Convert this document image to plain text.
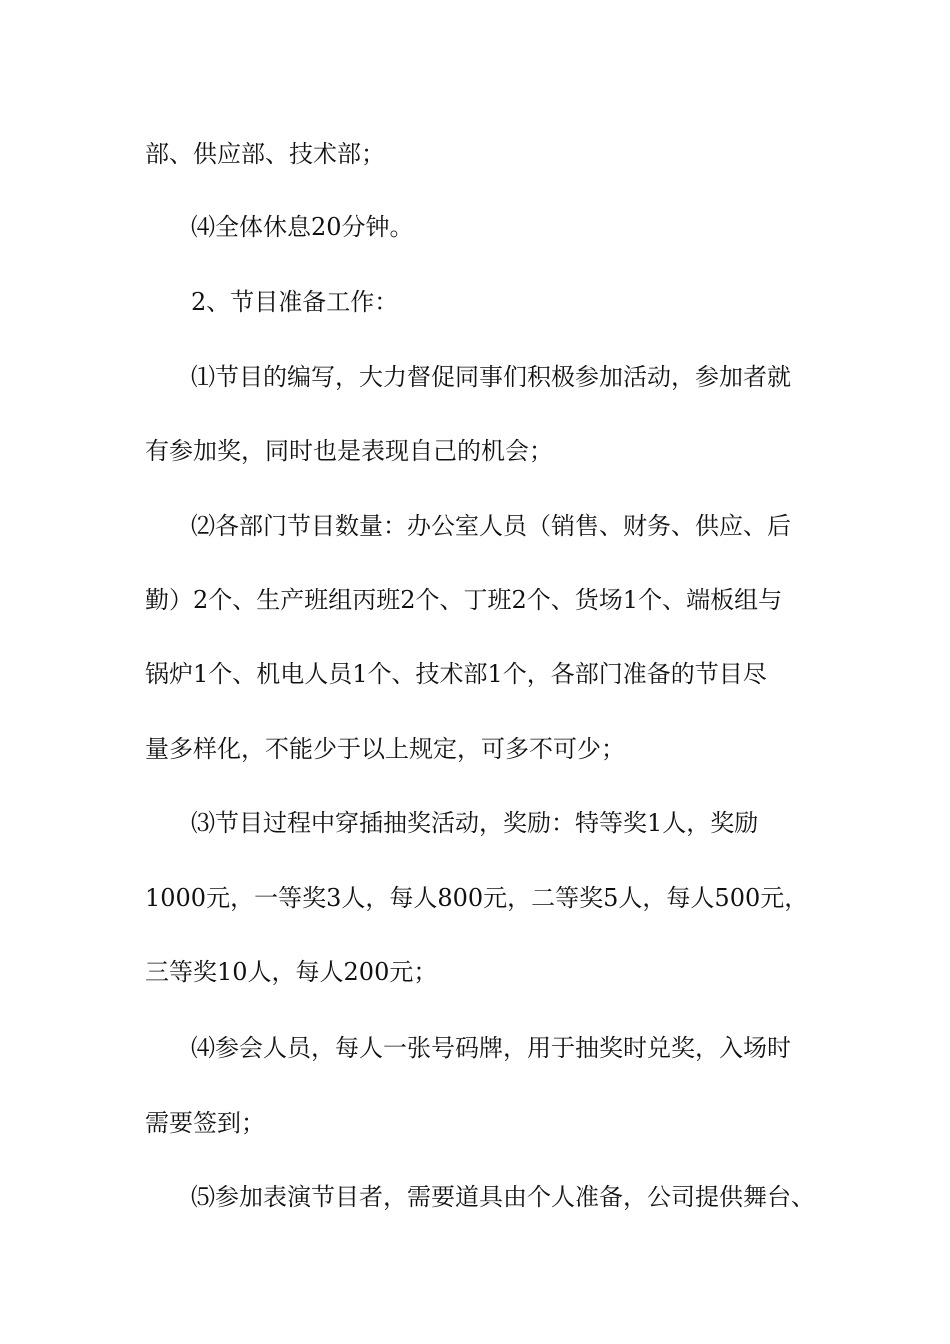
部、供应部、技术部；
⑷全体休息20分钟。
2、节目准备工作：
⑴节目的编写，大力督促同事们积极参加活动，参加者就
有参加奖，同时也是表现自己的机会；
⑵各部门节目数量：办公室人员（销售、财务、供应、后
勤）2个、生产班组丙班2个、丁班2个、货场1个、端板组与
锅炉1个、机电人员1个、技术部1个，各部门准备的节目尽
量多样化，不能少于以上规定，可多不可少；
⑶节目过程中穿插抽奖活动，奖励：特等奖1人，奖励
1000元，一等奖3人，每人800元，二等奖5人，每人500元，
三等奖10人，每人200元；
⑷参会人员，每人一张号码牌，用于抽奖时兑奖，入场时
需要签到；
⑸参加表演节目者，需要道具由个人准备，公司提供舞台、
